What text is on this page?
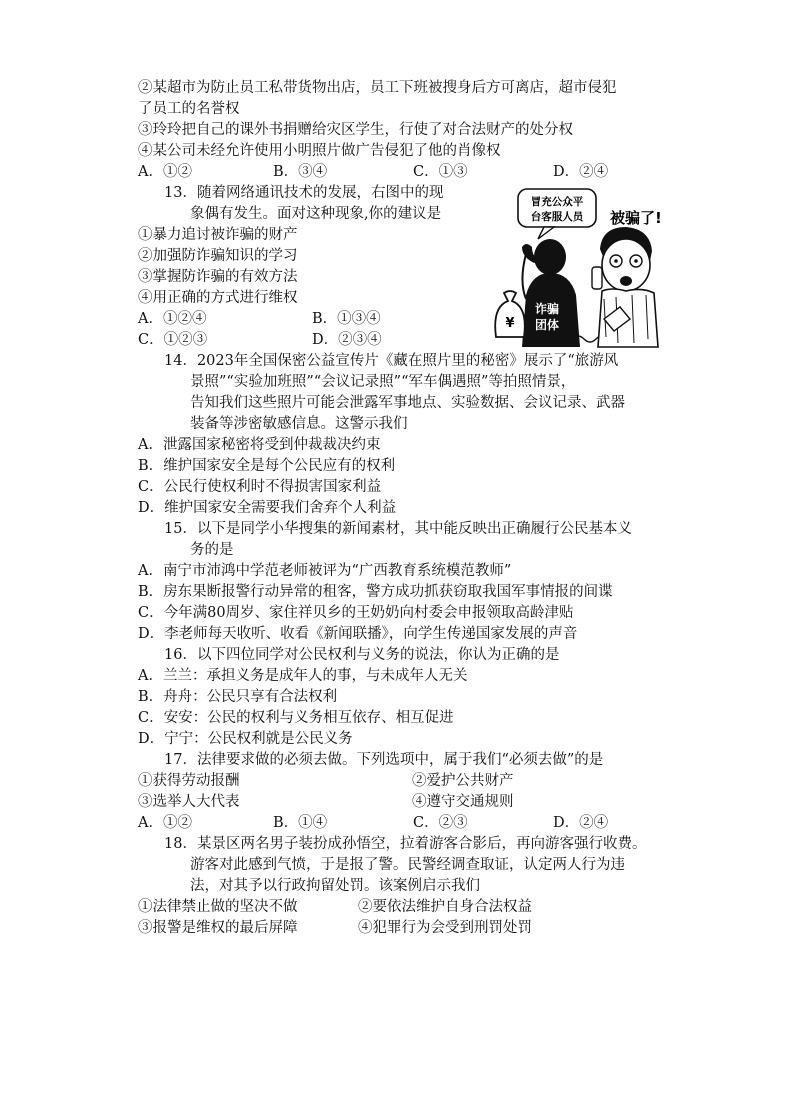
②某超市为防止员工私带货物出店，员工下班被搜身后方可离店，超市侵犯
了员工的名誉权
③玲玲把自己的课外书捐赠给灾区学生，行使了对合法财产的处分权
④某公司未经允许使用小明照片做广告侵犯了他的肖像权
A．①②	B．③④	C．①③	D．②④
13．随着网络通讯技术的发展，右图中的现
象偶有发生。面对这种现象,你的建议是
①暴力追讨被诈骗的财产
②加强防诈骗知识的学习
③掌握防诈骗的有效方法
④用正确的方式进行维权
A．①②④	B．①③④
C．①②③	D．②③④
冒充公众平
台客服人员 被骗了!
诈骗
团体
¥
14．2023年全国保密公益宣传片《藏在照片里的秘密》展示了“旅游风
景照”“实验加班照”“会议记录照”“军车偶遇照”等拍照情景，
告知我们这些照片可能会泄露军事地点、实验数据、会议记录、武器
装备等涉密敏感信息。这警示我们
A．泄露国家秘密将受到仲裁裁决约束
B．维护国家安全是每个公民应有的权利
C．公民行使权利时不得损害国家利益
D．维护国家安全需要我们舍弃个人利益
15．以下是同学小华搜集的新闻素材，其中能反映出正确履行公民基本义
务的是
A．南宁市沛鸿中学范老师被评为“广西教育系统模范教师”
B．房东果断报警行动异常的租客，警方成功抓获窃取我国军事情报的间谍
C．今年满80周岁、家住祥贝乡的王奶奶向村委会申报领取高龄津贴
D．李老师每天收听、收看《新闻联播》，向学生传递国家发展的声音
16．以下四位同学对公民权利与义务的说法，你认为正确的是
A．兰兰：承担义务是成年人的事，与未成年人无关
B．舟舟：公民只享有合法权利
C．安安：公民的权利与义务相互依存、相互促进
D．宁宁：公民权利就是公民义务
17．法律要求做的必须去做。下列选项中，属于我们“必须去做”的是
①获得劳动报酬	②爱护公共财产
③选举人大代表	④遵守交通规则
A．①②	B．①④	C．②③	D．②④
18．某景区两名男子装扮成孙悟空，拉着游客合影后，再向游客强行收费。
游客对此感到气愤，于是报了警。民警经调查取证，认定两人行为违
法，对其予以行政拘留处罚。该案例启示我们
①法律禁止做的坚决不做	②要依法维护自身合法权益
③报警是维权的最后屏障	④犯罪行为会受到刑罚处罚
